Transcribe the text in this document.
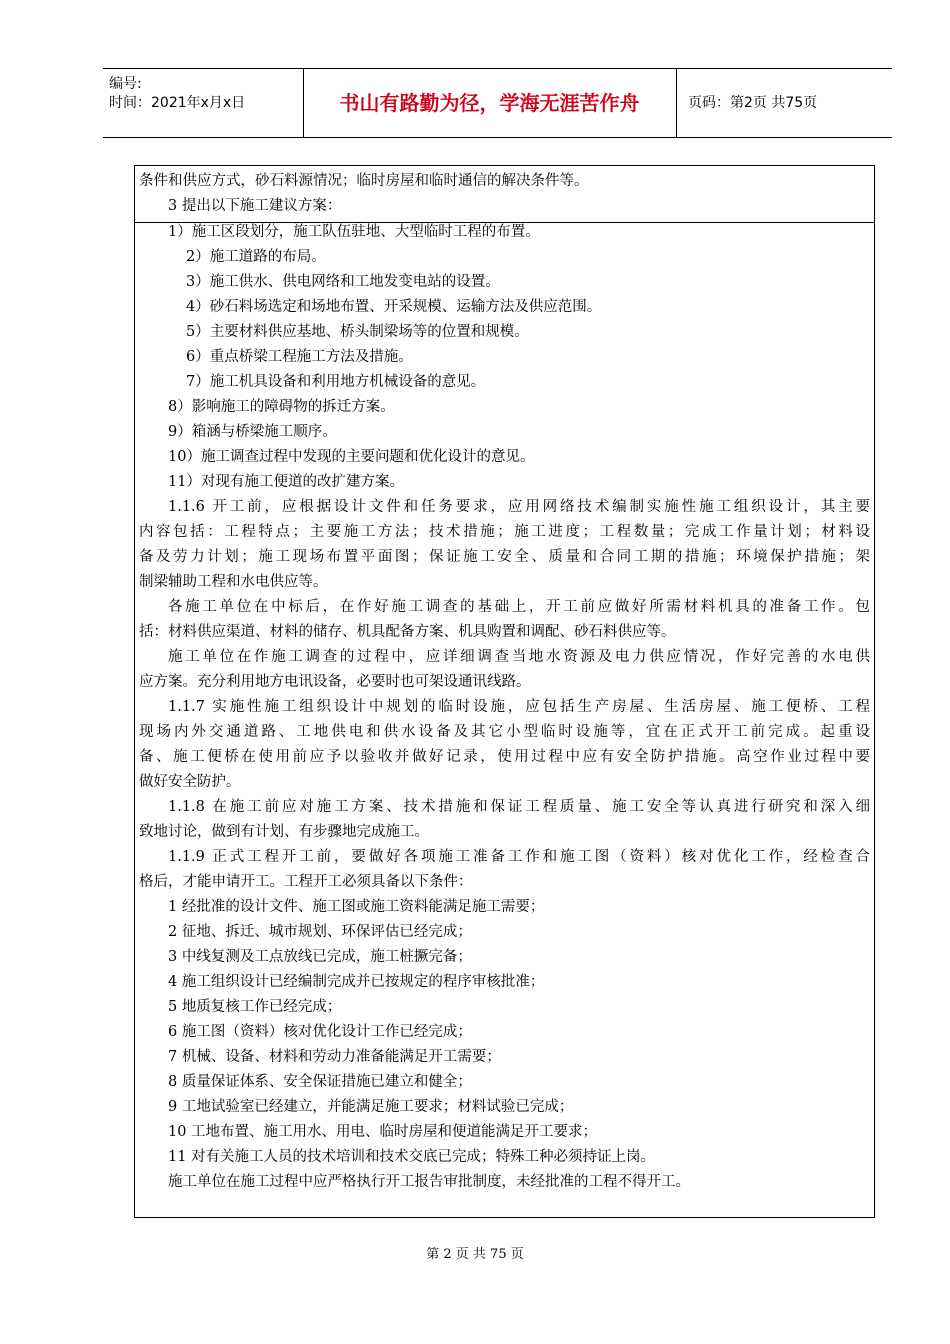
编号:
时间：2021年x月x日	书山有路勤为径，学海无涯苦作舟	页码：第2页 共75页
条件和供应方式，砂石料源情况；临时房屋和临时通信的解决条件等。
3 提出以下施工建议方案：
1）施工区段划分，施工队伍驻地、大型临时工程的布置。
2）施工道路的布局。
3）施工供水、供电网络和工地发变电站的设置。
4）砂石料场选定和场地布置、开采规模、运输方法及供应范围。
5）主要材料供应基地、桥头制梁场等的位置和规模。
6）重点桥梁工程施工方法及措施。
7）施工机具设备和利用地方机械设备的意见。
8）影响施工的障碍物的拆迁方案。
9）箱涵与桥梁施工顺序。
10）施工调查过程中发现的主要问题和优化设计的意见。
11）对现有施工便道的改扩建方案。
1.1.6 开工前，应根据设计文件和任务要求，应用网络技术编制实施性施工组织设计，其主要
内容包括：工程特点；主要施工方法；技术措施；施工进度；工程数量；完成工作量计划；材料设
备及劳力计划；施工现场布置平面图；保证施工安全、质量和合同工期的措施；环境保护措施；架
制梁辅助工程和水电供应等。
各施工单位在中标后，在作好施工调查的基础上，开工前应做好所需材料机具的准备工作。包
括：材料供应渠道、材料的储存、机具配备方案、机具购置和调配、砂石料供应等。
施工单位在作施工调查的过程中，应详细调查当地水资源及电力供应情况，作好完善的水电供
应方案。充分利用地方电讯设备，必要时也可架设通讯线路。
1.1.7 实施性施工组织设计中规划的临时设施，应包括生产房屋、生活房屋、施工便桥、工程
现场内外交通道路、工地供电和供水设备及其它小型临时设施等，宜在正式开工前完成。起重设
备、施工便桥在使用前应予以验收并做好记录，使用过程中应有安全防护措施。高空作业过程中要
做好安全防护。
1.1.8 在施工前应对施工方案、技术措施和保证工程质量、施工安全等认真进行研究和深入细
致地讨论，做到有计划、有步骤地完成施工。
1.1.9 正式工程开工前，要做好各项施工准备工作和施工图（资料）核对优化工作，经检查合
格后，才能申请开工。工程开工必须具备以下条件：
1 经批准的设计文件、施工图或施工资料能满足施工需要；
2 征地、拆迁、城市规划、环保评估已经完成；
3 中线复测及工点放线已完成，施工桩撅完备；
4 施工组织设计已经编制完成并已按规定的程序审核批准；
5 地质复核工作已经完成；
6 施工图（资料）核对优化设计工作已经完成；
7 机械、设备、材料和劳动力准备能满足开工需要；
8 质量保证体系、安全保证措施已建立和健全；
9 工地试验室已经建立，并能满足施工要求；材料试验已完成；
10 工地布置、施工用水、用电、临时房屋和便道能满足开工要求；
11 对有关施工人员的技术培训和技术交底已完成；特殊工种必须持证上岗。
施工单位在施工过程中应严格执行开工报告审批制度，未经批准的工程不得开工。
第 2 页 共 75 页
